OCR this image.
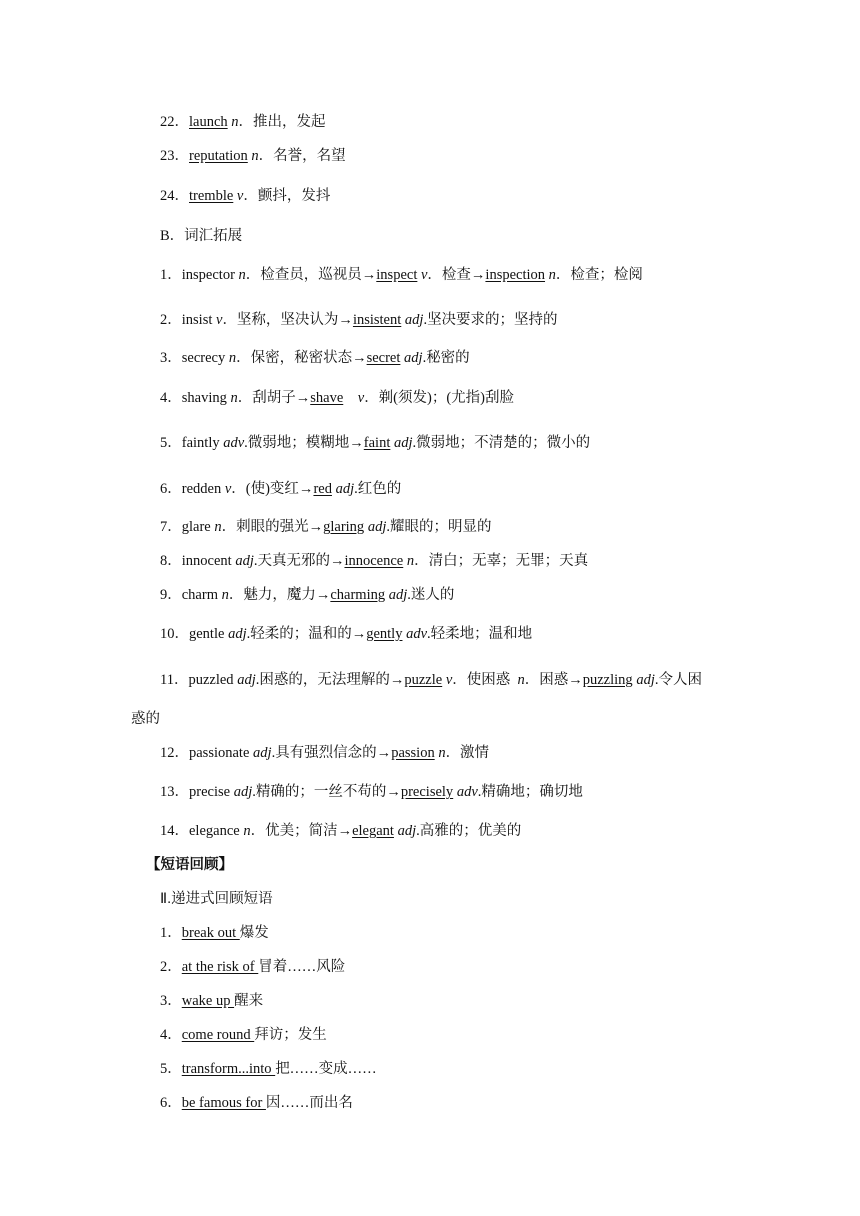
22．launch n．推出，发起
23．reputation n．名誉，名望
24．tremble v．颤抖，发抖
B．词汇拓展
1．inspector n．检查员，巡视员→inspect v．检查→inspection n．检查；检阅
2．insist v．坚称，坚决认为→insistent adj.坚决要求的；坚持的
3．secrecy n．保密，秘密状态→secret adj.秘密的
4．shaving n．刮胡子→shave v．剃(须发)；(尤指)刮脸
5．faintly adv.微弱地；模糊地→faint adj.微弱地；不清楚的；微小的
6．redden v．(使)变红→red adj.红色的
7．glare n．刺眼的强光→glaring adj.耀眼的；明显的
8．innocent adj.天真无邪的→innocence n．清白；无辜；无罪；天真
9．charm n．魅力，魔力→charming adj.迷人的
10．gentle adj.轻柔的；温和的→gently adv.轻柔地；温和地
11．puzzled adj.困惑的，无法理解的→puzzle v．使困惑  n．困惑→puzzling adj.令人困
惑的
12．passionate adj.具有强烈信念的→passion n．激情
13．precise adj.精确的；一丝不苟的→precisely adv.精确地；确切地
14．elegance n．优美；简洁→elegant adj.高雅的；优美的
【短语回顾】
Ⅱ.递进式回顾短语
1．break out 爆发
2．at the risk of 冒着……风险
3．wake up 醒来
4．come round 拜访；发生
5．transform...into 把……变成……
6．be famous for 因……而出名
